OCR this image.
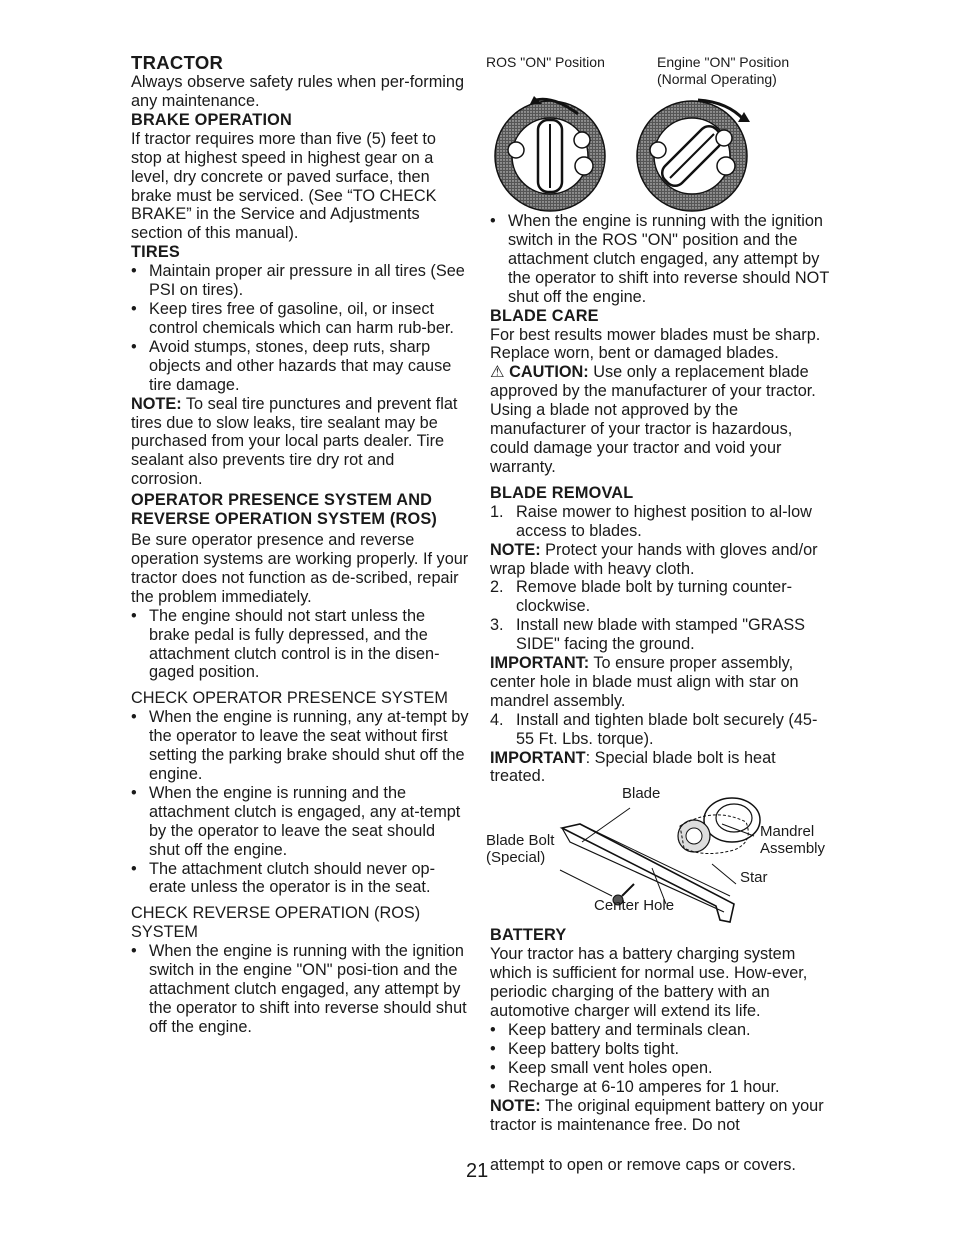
TRACTOR

Always observe safety rules when per-forming any maintenance.

BRAKE OPERATION

If tractor requires more than five (5) feet to stop at highest speed in highest gear on a level, dry concrete or paved surface, then brake must be serviced. (See “TO CHECK BRAKE” in the Service and Adjustments section of this manual).

TIRES

• Maintain proper air pressure in all tires (See PSI on tires).
• Keep tires free of gasoline, oil, or insect control chemicals which can harm rub-ber.
• Avoid stumps, stones, deep ruts, sharp objects and other hazards that may cause tire damage.

NOTE: To seal tire punctures and prevent flat tires due to slow leaks, tire sealant may be purchased from your local parts dealer. Tire sealant also prevents tire dry rot and corrosion.

OPERATOR PRESENCE SYSTEM AND REVERSE OPERATION SYSTEM (ROS)

Be sure operator presence and reverse operation systems are working properly. If your tractor does not function as de-scribed, repair the problem immediately.

• The engine should not start unless the brake pedal is fully depressed, and the attachment clutch control is in the disen-gaged position.

CHECK OPERATOR PRESENCE SYSTEM

• When the engine is running, any at-tempt by the operator to leave the seat without first setting the parking brake should shut off the engine.
• When the engine is running and the attachment clutch is engaged, any at-tempt by the operator to leave the seat should shut off the engine.
• The attachment clutch should never op-erate unless the operator is in the seat.

CHECK REVERSE OPERATION (ROS) SYSTEM

• When the engine is running with the ignition switch in the engine "ON" posi-tion and the attachment clutch engaged, any attempt by the operator to shift into reverse should shut off the engine.
ROS "ON" Position	Engine "ON" Position
(Normal Operating)
• When the engine is running with the ignition switch in the ROS "ON" position and the attachment clutch engaged, any attempt by the operator to shift into reverse should NOT shut off the engine.

BLADE CARE

For best results mower blades must be sharp. Replace worn, bent or damaged blades.

⚠ CAUTION: Use only a replacement blade approved by the manufacturer of your tractor. Using a blade not approved by the manufacturer of your tractor is hazardous, could damage your tractor and void your warranty.

BLADE REMOVAL

1. Raise mower to highest position to al-low access to blades.

NOTE: Protect your hands with gloves and/or wrap blade with heavy cloth.

2. Remove blade bolt by turning counter-clockwise.
3. Install new blade with stamped "GRASS SIDE" facing the ground.

IMPORTANT: To ensure proper assembly, center hole in blade must align with star on mandrel assembly.

4. Install and tighten blade bolt securely (45-55 Ft. Lbs. torque).

IMPORTANT: Special blade bolt is heat treated.

Blade
Blade Bolt
(Special)
Mandrel
Assembly
Star
Center Hole

BATTERY

Your tractor has a battery charging system which is sufficient for normal use. How-ever, periodic charging of the battery with an automotive charger will extend its life.

• Keep battery and terminals clean.
• Keep battery bolts tight.
• Keep small vent holes open.
• Recharge at 6-10 amperes for 1 hour.

NOTE: The original equipment battery on your tractor is maintenance free. Do not

attempt to open or remove caps or covers.
21
